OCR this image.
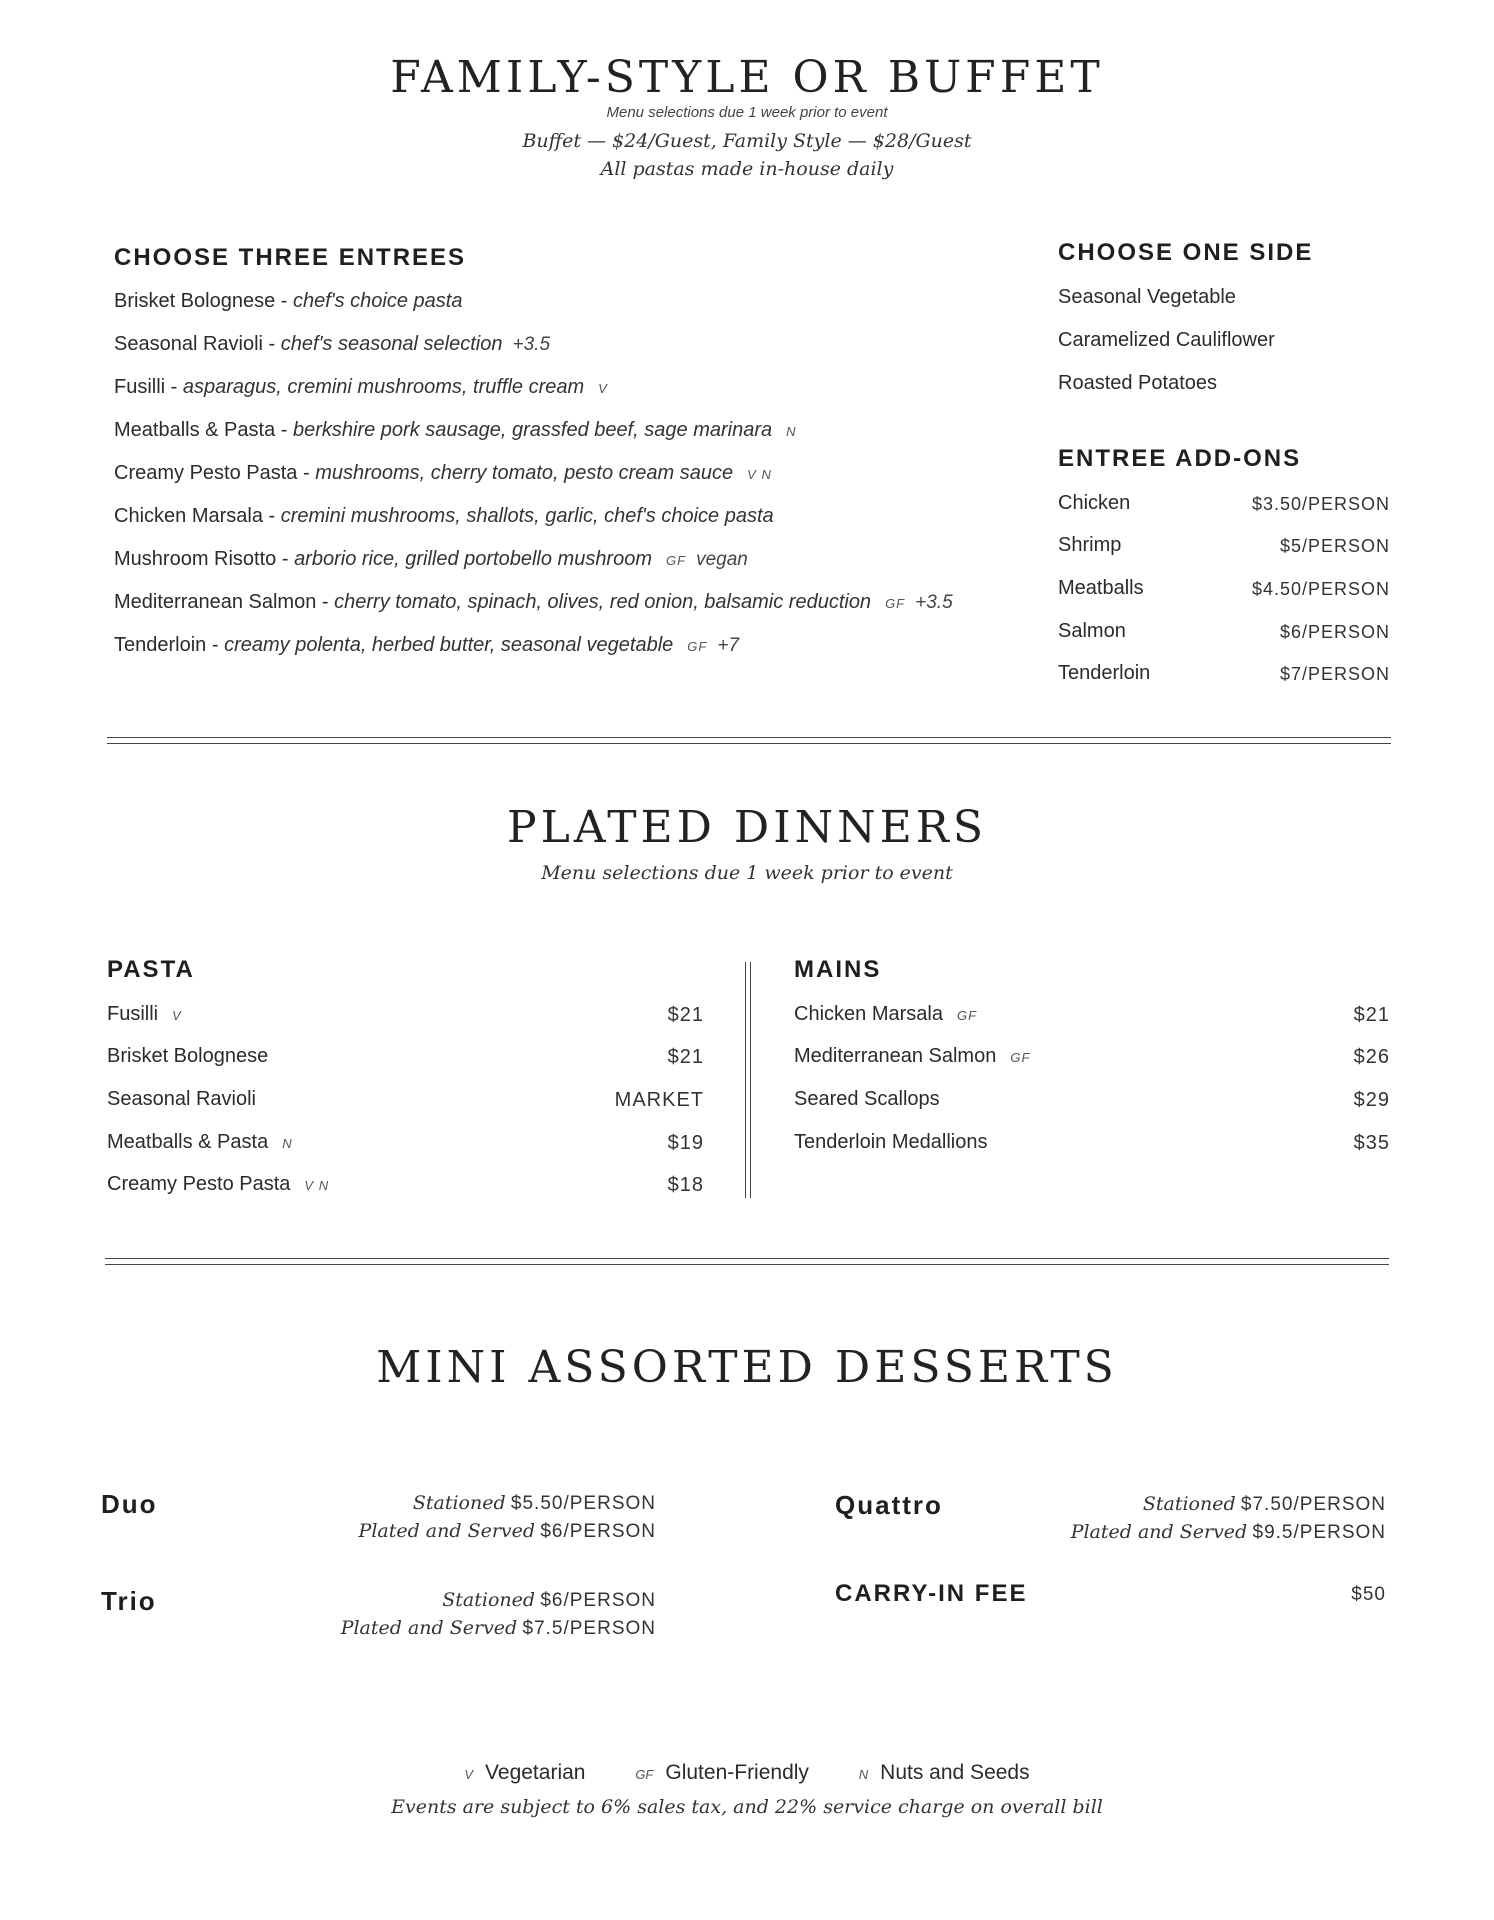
FAMILY-STYLE OR BUFFET
Menu selections due 1 week prior to event
Buffet — $24/Guest, Family Style — $28/Guest
All pastas made in-house daily
CHOOSE THREE ENTREES
Brisket Bolognese - chef's choice pasta
Seasonal Ravioli - chef's seasonal selection +3.5
Fusilli - asparagus, cremini mushrooms, truffle cream V
Meatballs & Pasta - berkshire pork sausage, grassfed beef, sage marinara N
Creamy Pesto Pasta - mushrooms, cherry tomato, pesto cream sauce V N
Chicken Marsala - cremini mushrooms, shallots, garlic, chef's choice pasta
Mushroom Risotto - arborio rice, grilled portobello mushroom GF vegan
Mediterranean Salmon - cherry tomato, spinach, olives, red onion, balsamic reduction GF +3.5
Tenderloin - creamy polenta, herbed butter, seasonal vegetable GF +7
CHOOSE ONE SIDE
Seasonal Vegetable
Caramelized Cauliflower
Roasted Potatoes
ENTREE ADD-ONS
Chicken	$3.50/PERSON
Shrimp	$5/PERSON
Meatballs	$4.50/PERSON
Salmon	$6/PERSON
Tenderloin	$7/PERSON
PLATED DINNERS
Menu selections due 1 week prior to event
PASTA
Fusilli V	$21
Brisket Bolognese	$21
Seasonal Ravioli	MARKET
Meatballs & Pasta N	$19
Creamy Pesto Pasta V N	$18
MAINS
Chicken Marsala GF	$21
Mediterranean Salmon GF	$26
Seared Scallops	$29
Tenderloin Medallions	$35
MINI ASSORTED DESSERTS
Duo	Stationed $5.50/PERSON
Plated and Served $6/PERSON
Trio	Stationed $6/PERSON
Plated and Served $7.5/PERSON
Quattro	Stationed $7.50/PERSON
Plated and Served $9.5/PERSON
CARRY-IN FEE	$50
V Vegetarian	GF Gluten-Friendly	N Nuts and Seeds
Events are subject to 6% sales tax, and 22% service charge on overall bill
